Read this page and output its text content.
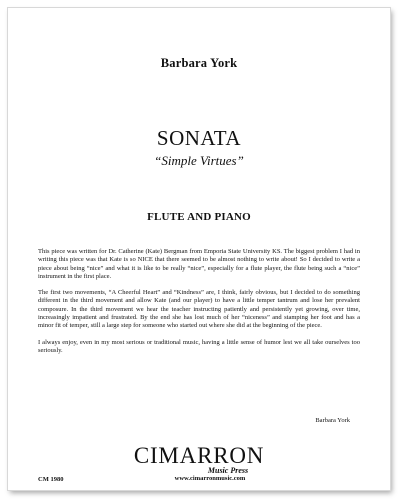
Barbara York
SONATA
“Simple Virtues”
FLUTE AND PIANO

This piece was written for Dr. Catherine (Kate) Bergman from Emporia State University KS. The biggest problem I had in writing this piece was that Kate is so NICE that there seemed to be almost nothing to write about! So I decided to write a piece about being “nice” and what it is like to be really “nice”, especially for a flute player, the flute being such a “nice” instrument in the first place.

The first two movements, “A Cheerful Heart” and “Kindness” are, I think, fairly obvious, but I decided to do something different in the third movement and allow Kate (and our player) to have a little temper tantrum and lose her prevalent composure. In the third movement we hear the teacher instructing patiently and persistently yet growing, over time, increasingly impatient and frustrated. By the end she has lost much of her “niceness” and stamping her foot and has a minor fit of temper, still a large step for someone who started out where she did at the beginning of the piece.

I always enjoy, even in my most serious or traditional music, having a little sense of humor lest we all take ourselves too seriously.

Barbara York
CIMARRON
Music Press
www.cimarronmusic.com
CM 1980
